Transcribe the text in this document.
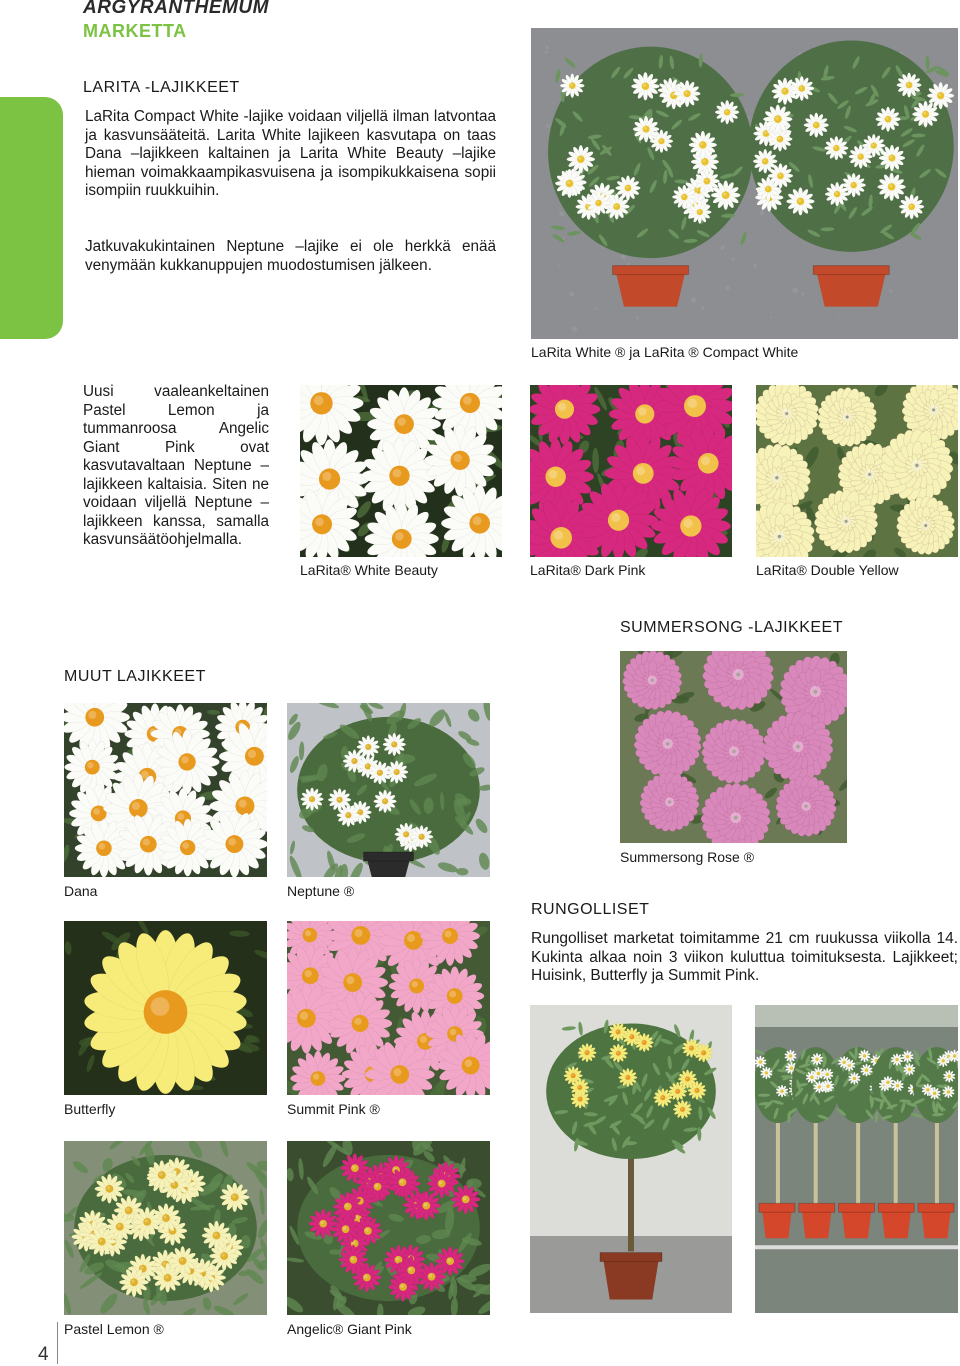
ARGYRANTHEMUM
MARKETTA
LARITA -LAJIKKEET
LaRita Compact White -lajike voidaan viljellä ilman latvontaa ja kasvunsääteitä. Larita White lajikeen kasvutapa on taas Dana –lajikkeen kaltainen ja Larita White Beauty –lajike hieman voimakkaampikasvuisena ja isompikukkaisena sopii isompiin ruukkuihin.
Jatkuvakukintainen Neptune –lajike ei ole herkkä enää venymään kukkanuppujen muodostumisen jälkeen.
LaRita White ® ja LaRita ® Compact White
Uusi vaaleankeltainen Pastel Lemon ja tummanroosa Angelic Giant Pink ovat kasvutavaltaan Neptune –lajikkeen kaltaisia. Siten ne voidaan viljellä Neptune –lajikkeen kanssa, samalla kasvunsäätöohjelmalla.
LaRita® White Beauty	LaRita® Dark Pink	LaRita® Double Yellow
SUMMERSONG -LAJIKKEET
Summersong Rose ®
MUUT LAJIKKEET
Dana	Neptune ®
Butterfly	Summit Pink ®
Pastel Lemon ®	Angelic® Giant Pink
RUNGOLLISET
Rungolliset marketat toimitamme 21 cm ruukussa viikolla 14. Kukinta alkaa noin 3 viikon kuluttua toimituksesta. Lajikkeet; Huisink, Butterfly ja Summit Pink.
4
